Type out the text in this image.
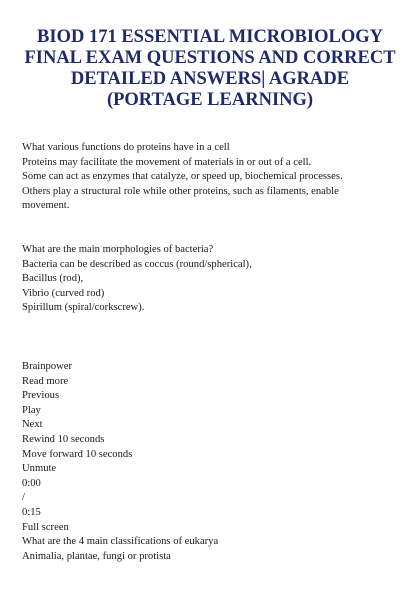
BIOD 171 ESSENTIAL MICROBIOLOGY
FINAL EXAM QUESTIONS AND CORRECT
DETAILED ANSWERS| AGRADE
(PORTAGE LEARNING)
What various functions do proteins have in a cell
Proteins may facilitate the movement of materials in or out of a cell.
Some can act as enzymes that catalyze, or speed up, biochemical processes.
Others play a structural role while other proteins, such as filaments, enable
movement.
What are the main morphologies of bacteria?
Bacteria can be described as coccus (round/spherical),
Bacillus (rod),
Vibrio (curved rod)
Spirillum (spiral/corkscrew).
Brainpower
Read more
Previous
Play
Next
Rewind 10 seconds
Move forward 10 seconds
Unmute
0:00
/
0:15
Full screen
What are the 4 main classifications of eukarya
Animalia, plantae, fungi or protista
